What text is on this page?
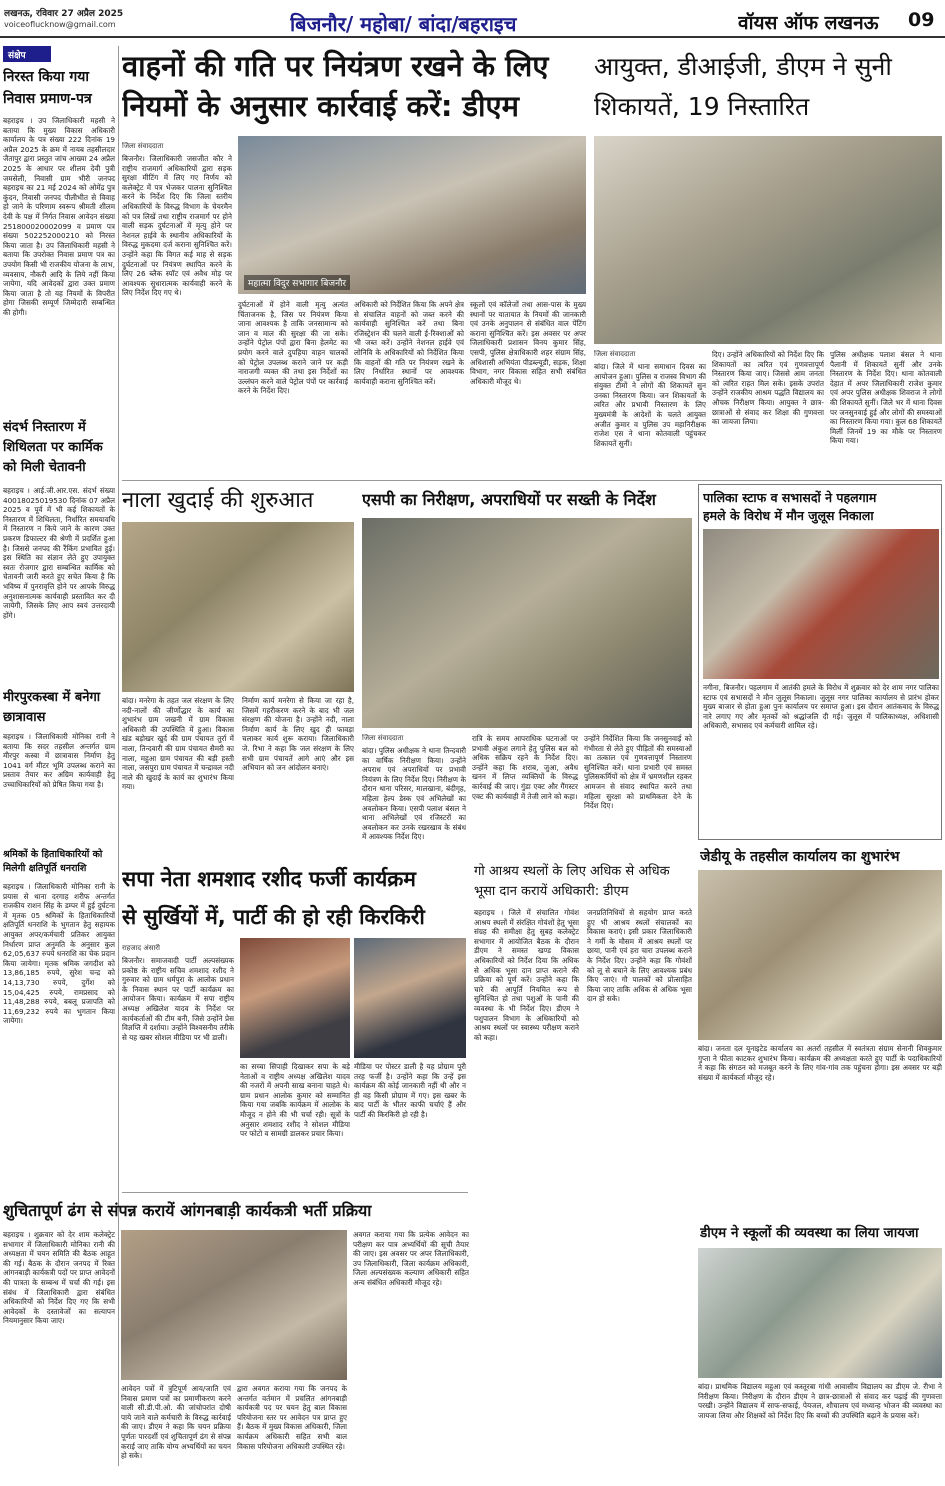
लखनऊ, रविवार 27 अप्रैल 2025
voiceoflucknow@gmail.com	बिजनौर/ महोबा/ बांदा/बहराइच	वॉयस ऑफ लखनऊ	09
संक्षेप
निरस्त किया गया निवास प्रमाण-पत्र
बहराइच । उप जिलाधिकारी महसी ने बताया कि मुख्य विकास अधिकारी कार्यालय के पत्र संख्या 222 दिनांक 19 अप्रैल 2025 के क्रम में नायब तहसीलदार जैतापुर द्वारा प्रस्तुत जांच आख्या 24 अप्रैल 2025 के आधार पर शीलम देवी पुत्री जमसेली, निवासी ग्राम भीरी जनपद बहराइच का 21 मई 2024 को ओमेंद्र पुत्र कुंदन, निवासी जनपद पीलीभीत से विवाह हो जाने के परिणाम स्वरूप श्रीमती शीलम देवी के पक्ष में निर्गत निवास आवेदन संख्या 251800020002099 व प्रमाण पत्र संख्या 502252000210 को निरस्त किया जाता है। उप जिलाधिकारी महसी ने बताया कि उपरोक्त निवास प्रमाण पत्र का उपयोग किसी भी राजकीय योजना के लाभ, व्यवसाय, नौकरी आदि के लिये नहीं किया जायेगा, यदि आवेदकों द्वारा उक्त प्रमाण किया जाता है तो यह नियमों के विपरीत होगा जिसकी सम्पूर्ण जिम्मेदारी सम्बन्धित की होगी।
संदर्भ निस्तारण में शिथिलता पर कार्मिक को मिली चेतावनी
बहराइच । आई.जी.आर.एस. संदर्भ संख्या 40018025019530 दिनांक 07 अप्रैल 2025 व पूर्व में भी कई शिकायतों के निस्तारण में शिथिलता, निर्धारित समयावधि में निस्तारण न किये जाने के कारण उक्त प्रकरण डिफाल्टर की श्रेणी में प्रदर्शित हुआ है। जिससे जनपद की रैंकिंग प्रभावित हुई। इस स्थिति का संज्ञान लेते हुए उपायुक्त स्वतः रोजगार द्वारा सम्बन्धित कार्मिक को चेतावनी जारी करते हुए सचेत किया है कि भविष्य में पुनरावृत्ति होने पर आपके विरुद्ध अनुशासनात्मक कार्यवाही प्रस्तावित कर दी जायेगी, जिसके लिए आप स्वयं उत्तरदायी होंगे।
मीरपुरकस्बा में बनेगा छात्रावास
बहराइच । जिलाधिकारी मोनिका रानी ने बताया कि सदर तहसील अन्तर्गत ग्राम मीरपुर कस्बा में छात्रावास निर्माण हेतु 1041 वर्ग मीटर भूमि उपलब्ध कराने का प्रस्ताव तैयार कर अग्रिम कार्यवाही हेतु उच्चाधिकारियों को प्रेषित किया गया है।
श्रमिकों के हिताधिकारियों को मिलेगी क्षतिपूर्ति धनराशि
बहराइच । जिलाधिकारी मोनिका रानी के प्रयास से थाना दरगाह शरीफ अन्तर्गत राजकीय राशन सिंह के डम्पर में हुई दुर्घटना में मृतक 05 श्रमिकों के हिताधिकारियों क्षतिपूर्ति धनराशि के भुगतान हेतु सहायक आयुक्त अपर/कर्मचारी प्रतिकर आयुक्त निर्धारण प्राप्त अनुमति के अनुसार कुल 62,05,637 रुपये धनराशि का चेक प्रदान किया जायेगा। मृतक श्रमिक जगदीश को 13,86,185 रुपये, सुरेश चन्द्र को 14,13,730 रुपये, दुर्गेश को 15,04,425 रुपये, रामप्रसाद को 11,48,288 रुपये, बबलू प्रजापति को 11,69,232 रुपये का भुगतान किया जायेगा।
वाहनों की गति पर नियंत्रण रखने के लिए
नियमों के अनुसार कार्रवाई करें: डीएम
जिला संवाददाता
बिजनौर। जिलाधिकारी जसजीत कौर ने राष्ट्रीय राजमार्ग अधिकारियों द्वारा सड़क सुरक्षा मीटिंग में लिए गए निर्णय को कलेक्ट्रेट में पत्र भेजकर पालना सुनिश्चित करने के निर्देश दिए कि जिला स्तरीय अधिकारियों के विरुद्ध विभाग के चेयरमैन को पत्र लिखें तथा राष्ट्रीय राजमार्ग पर होने वाली सड़क दुर्घटनाओं में मृत्यु होने पर नेशनल हाईवे के स्थानीय अधिकारियों के विरुद्ध मुकदमा दर्ज कराना सुनिश्चित करें। उन्होंने कहा कि विगत कई माह से सड़क दुर्घटनाओं पर नियंत्रण स्थापित करने के लिए 26 ब्लैक स्पॉट एवं अवैध मोड़ पर आवश्यक सुधारात्मक कार्यवाही करने के लिए निर्देश दिए गए थे।
महात्मा विदुर सभागार बिजनौर
दुर्घटनाओं में होने वाली मृत्यु अत्यंत चिंताजनक है, जिस पर नियंत्रण किया जाना आवश्यक है ताकि जनसामान्य को जान व माल की सुरक्षा की जा सके। उन्होंने पेट्रोल पंपों द्वारा बिना हेलमेट का प्रयोग करने वाले दुपहिया वाहन चालकों को पेट्रोल उपलब्ध कराने जाने पर कड़ी नाराजगी व्यक्त की तथा इस निर्देशों का उल्लंघन करने वाले पेट्रोल पंपों पर कार्रवाई करने के निर्देश दिए।
अधिकारी को निर्देशित किया कि अपने क्षेत्र से संचालित वाहनों को जब्त करने की कार्यवाही सुनिश्चित करें तथा बिना रजिस्ट्रेशन की चलने वाली ई-रिक्शाओं को भी जब्त करें। उन्होंने नेशनल हाईवे एवं लोनिवि के अधिकारियों को निर्देशित किया कि वाहनों की गति पर नियंत्रण रखने के लिए निर्धारित स्थानों पर आवश्यक कार्यवाही कराना सुनिश्चित करें।
स्कूलों एवं कॉलेजों तथा आस-पास के मुख्य स्थानों पर यातायात के नियमों की जानकारी एवं उनके अनुपालन से संबंधित वाल पेंटिंग कराना सुनिश्चित करें। इस अवसर पर अपर जिलाधिकारी प्रशासन विनय कुमार सिंह, एसपी, पुलिस क्षेत्राधिकारी शहर संग्राम सिंह, अधिशासी अभियंता पीडब्ल्यूडी, सड़क, शिक्षा विभाग, नगर विकास सहित सभी संबंधित अधिकारी मौजूद थे।
आयुक्त, डीआईजी, डीएम ने सुनी
शिकायतें, 19 निस्तारित
जिला संवाददाता
बांदा। जिले में थाना समाधान दिवस का आयोजन हुआ। पुलिस व राजस्व विभाग की संयुक्त टीमों ने लोगों की शिकायतें सुन उनका निस्तारण किया। जन शिकायतों के त्वरित और प्रभावी निस्तारण के लिए मुख्यमंत्री के आदेशों के चलते आयुक्त अजीत कुमार व पुलिस उप महानिरीक्षक राजेश एस ने थाना कोतवाली पहुंचकर शिकायतें सुनीं।
दिए। उन्होंने अधिकारियों को निर्देश दिए कि शिकायतों का त्वरित एवं गुणवत्तापूर्ण निस्तारण किया जाए। जिससे आम जनता को त्वरित राहत मिल सके। इसके उपरांत उन्होंने राजकीय आश्रम पद्धति विद्यालय का औचक निरीक्षण किया। आयुक्त ने छात्र-छात्राओं से संवाद कर शिक्षा की गुणवत्ता का जायजा लिया।
पुलिस अधीक्षक पलाश बंसल ने थाना पैलानी में शिकायतें सुनीं और उनके निस्तारण के निर्देश दिए। थाना कोतवाली देहात में अपर जिलाधिकारी राजेश कुमार एवं अपर पुलिस अधीक्षक शिवराज ने लोगों की शिकायतें सुनीं। जिले भर में थाना दिवस पर जनसुनवाई हुई और लोगों की समस्याओं का निस्तारण किया गया। कुल 68 शिकायतें मिलीं जिनमें 19 का मौके पर निस्तारण किया गया।
नाला खुदाई की शुरुआत
बांदा। मनरेगा के तहत जल संरक्षण के लिए नदी-नालों की जीर्णोद्धार के कार्य का शुभारंभ ग्राम जखनी में ग्राम विकास अधिकारी की उपस्थिति में हुआ। विकास खंड बड़ोखर खुर्द की ग्राम पंचायत तुर्रा में नाला, तिन्दवारी की ग्राम पंचायत सैमरी का नाला, महुआ ग्राम पंचायत की बड़ी हस्ती नाला, जसपुरा ग्राम पंचायत में चन्द्रावल नदी नाले की खुदाई के कार्य का शुभारंभ किया गया।
निर्माण कार्य मनरेगा से किया जा रहा है, जिसमें गहरीकरण करने के बाद भी जल संरक्षण की योजना है। उन्होंने नदी, नाला निर्माण कार्य के लिए खुद ही फावड़ा चलाकर कार्य शुरू कराया। जिलाधिकारी जे. रिभा ने कहा कि जल संरक्षण के लिए सभी ग्राम पंचायतें आगे आएं और इस अभियान को जन आंदोलन बनाएं।
एसपी का निरीक्षण, अपराधियों पर सख्ती के निर्देश
जिला संवाददाता
बांदा। पुलिस अधीक्षक ने थाना तिन्दवारी का वार्षिक निरीक्षण किया। उन्होंने अपराध एवं अपराधियों पर प्रभावी नियंत्रण के लिए निर्देश दिए। निरीक्षण के दौरान थाना परिसर, मालखाना, बंदीगृह, महिला हेल्प डेस्क एवं अभिलेखों का अवलोकन किया। एसपी पलाश बंसल ने थाना अभिलेखों एवं रजिस्टरों का अवलोकन कर उनके रखरखाव के संबंध में आवश्यक निर्देश दिए।
रात्रि के समय आपराधिक घटनाओं पर प्रभावी अंकुश लगाने हेतु पुलिस बल को अधिक सक्रिय रहने के निर्देश दिए। उन्होंने कहा कि शराब, जुआ, अवैध खनन में लिप्त व्यक्तियों के विरुद्ध कार्रवाई की जाए। गुंडा एक्ट और गैंगस्टर एक्ट की कार्यवाही में तेजी लाने को कहा।
उन्होंने निर्देशित किया कि जनसुनवाई को गंभीरता से लेते हुए पीड़ितों की समस्याओं का तत्काल एवं गुणवत्तापूर्ण निस्तारण सुनिश्चित करें। थाना प्रभारी एवं समस्त पुलिसकर्मियों को क्षेत्र में भ्रमणशील रहकर आमजन से संवाद स्थापित करने तथा महिला सुरक्षा को प्राथमिकता देने के निर्देश दिए।
पालिका स्टाफ व सभासदों ने पहलगाम
हमले के विरोध में मौन जुलूस निकाला
नगीना, बिजनौर। पहलगाम में आतंकी हमले के विरोध में शुक्रवार को देर शाम नगर पालिका स्टाफ एवं सभासदों ने मौन जुलूस निकाला। जुलूस नगर पालिका कार्यालय से प्रारंभ होकर मुख्य बाजार से होता हुआ पुनः कार्यालय पर समाप्त हुआ। इस दौरान आतंकवाद के विरुद्ध नारे लगाए गए और मृतकों को श्रद्धांजलि दी गई। जुलूस में पालिकाध्यक्ष, अधिशासी अधिकारी, सभासद एवं कर्मचारी शामिल रहे।
जेडीयू के तहसील कार्यालय का शुभारंभ
बांदा। जनता दल यूनाइटेड कार्यालय का अतर्रा तहसील में स्वतंत्रता संग्राम सेनानी शिवकुमार गुप्ता ने फीता काटकर शुभारंभ किया। कार्यक्रम की अध्यक्षता करते हुए पार्टी के पदाधिकारियों ने कहा कि संगठन को मजबूत करने के लिए गांव-गांव तक पहुंचना होगा। इस अवसर पर बड़ी संख्या में कार्यकर्ता मौजूद रहे।
सपा नेता शमशाद रशीद फर्जी कार्यक्रम
से सुर्खियों में, पार्टी की हो रही किरकिरी
राहजाद अंसारी
बिजनौर। समाजवादी पार्टी अल्पसंख्यक प्रकोष्ठ के राष्ट्रीय सचिव शमशाद रशीद ने गुरुवार को ग्राम धर्मपुरा के आलोक प्रधान के निवास स्थान पर पार्टी कार्यक्रम का आयोजन किया। कार्यक्रम में सपा राष्ट्रीय अध्यक्ष अखिलेश यादव के निर्देश पर कार्यकर्ताओं की टीम बनी, जिसे उन्होंने प्रेस विज्ञप्ति में दर्शाया। उन्होंने विश्वसनीय तरीके से यह खबर सोशल मीडिया पर भी डाली।
का सच्चा सिपाही दिखाकर सपा के बड़े नेताओं व राष्ट्रीय अध्यक्ष अखिलेश यादव की नजरों में अपनी साख बनाना चाहते थे। ग्राम प्रधान आलोक कुमार को सम्मानित किया गया जबकि कार्यक्रम में आलोक के मौजूद न होने की भी चर्चा रही। सूत्रों के अनुसार शमशाद रशीद ने सोशल मीडिया पर फोटो व सामग्री डालकर प्रचार किया।
मीडिया पर पोस्टर डाली है यह प्रोग्राम पूरी तरह फर्जी है। उन्होंने कहा कि उन्हें इस कार्यक्रम की कोई जानकारी नहीं थी और न ही वह किसी प्रोग्राम में गए। इस खबर के बाद पार्टी के भीतर काफी चर्चाएं हैं और पार्टी की किरकिरी हो रही है।
गो आश्रय स्थलों के लिए अधिक से अधिक भूसा दान करायें अधिकारी: डीएम
बहराइच । जिले में संचालित गोवंश आश्रय स्थलों में संरक्षित गोवंशों हेतु भूसा संग्रह की समीक्षा हेतु सुबह कलेक्ट्रेट सभागार में आयोजित बैठक के दौरान डीएम ने समस्त खण्ड विकास अधिकारियों को निर्देश दिया कि अधिक से अधिक भूसा दान प्राप्त कराने की प्रक्रिया को पूर्ण करें। उन्होंने कहा कि चारे की आपूर्ति नियमित रूप से सुनिश्चित हो तथा पशुओं के पानी की व्यवस्था के भी निर्देश दिए। डीएम ने पशुपालन विभाग के अधिकारियों को आश्रय स्थलों पर स्वास्थ्य परीक्षण कराने को कहा।
जनप्रतिनिधियों से सहयोग प्राप्त करते हुए भी आश्रय स्थलों संचालकों का विकास कराएं। इसी प्रकार जिलाधिकारी ने गर्मी के मौसम में आश्रय स्थलों पर छाया, पानी एवं हरा चारा उपलब्ध कराने के निर्देश दिए। उन्होंने कहा कि गोवंशों को लू से बचाने के लिए आवश्यक प्रबंध किए जाएं। गौ पालकों को प्रोत्साहित किया जाए ताकि अधिक से अधिक भूसा दान हो सके।
डीएम ने स्कूलों की व्यवस्था का लिया जायजा
बांदा। प्राथमिक विद्यालय महुआ एवं कस्तूरबा गांधी आवासीय विद्यालय का डीएम जे. रीभा ने निरीक्षण किया। निरीक्षण के दौरान डीएम ने छात्र-छात्राओं से संवाद कर पढ़ाई की गुणवत्ता परखी। उन्होंने विद्यालय में साफ-सफाई, पेयजल, शौचालय एवं मध्यान्ह भोजन की व्यवस्था का जायजा लिया और शिक्षकों को निर्देश दिए कि बच्चों की उपस्थिति बढ़ाने के प्रयास करें।
शुचितापूर्ण ढंग से संपन्न करायें आंगनबाड़ी कार्यकत्री भर्ती प्रक्रिया
बहराइच । शुक्रवार को देर शाम कलेक्ट्रेट सभागार में जिलाधिकारी मोनिका रानी की अध्यक्षता में चयन समिति की बैठक आहूत की गई। बैठक के दौरान जनपद में रिक्त आंगनबाड़ी कार्यकत्री पदों पर प्राप्त आवेदनों की पात्रता के सम्बन्ध में चर्चा की गई। इस संबंध में जिलाधिकारी द्वारा संबंधित अधिकारियों को निर्देश दिए गए कि सभी आवेदकों के दस्तावेजों का सत्यापन नियमानुसार किया जाए।
आवेदन पत्रों में त्रुटिपूर्ण आय/जाति एवं निवास प्रमाण पत्रों का प्रमाणीकरण करने वाली सी.डी.पी.ओ. की जांचोपरांत दोषी पाये जाने वाले कर्मचारी के विरुद्ध कार्रवाई की जाए। डीएम ने कहा कि चयन प्रक्रिया पूर्णतः पारदर्शी एवं शुचितापूर्ण ढंग से संपन्न कराई जाए ताकि योग्य अभ्यर्थियों का चयन हो सके।
द्वारा अवगत कराया गया कि जनपद के अन्तर्गत वर्तमान में प्रचलित आंगनबाड़ी कार्यकत्री पद पर चयन हेतु बाल विकास परियोजना स्तर पर आवेदन पत्र प्राप्त हुए हैं। बैठक में मुख्य विकास अधिकारी, जिला कार्यक्रम अधिकारी सहित सभी बाल विकास परियोजना अधिकारी उपस्थित रहे।
अवगत कराया गया कि प्रत्येक आवेदन का परीक्षण कर पात्र अभ्यर्थियों की सूची तैयार की जाए। इस अवसर पर अपर जिलाधिकारी, उप जिलाधिकारी, जिला कार्यक्रम अधिकारी, जिला अल्पसंख्यक कल्याण अधिकारी सहित अन्य संबंधित अधिकारी मौजूद रहे।
